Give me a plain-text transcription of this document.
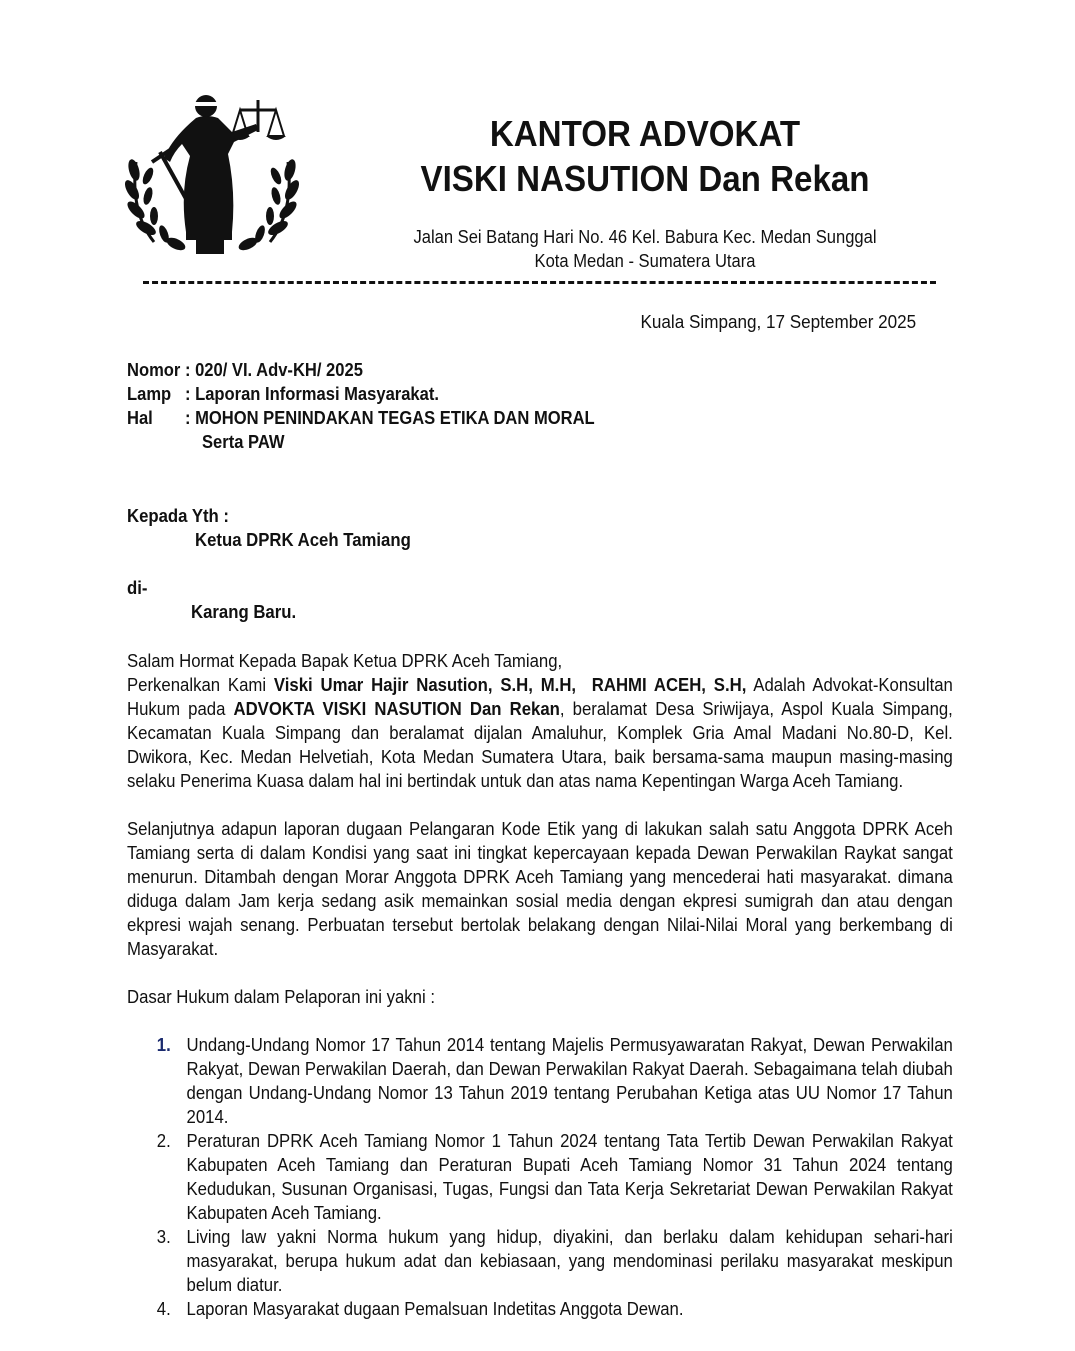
KANTOR ADVOKAT
VISKI NASUTION Dan Rekan
Jalan Sei Batang Hari No. 46 Kel. Babura Kec. Medan Sunggal
Kota Medan - Sumatera Utara
Kuala Simpang, 17 September 2025
Nomor : 020/ VI. Adv-KH/ 2025
Lamp : Laporan Informasi Masyarakat.
Hal : MOHON PENINDAKAN TEGAS ETIKA DAN MORAL
Serta PAW
Kepada Yth :
Ketua DPRK Aceh Tamiang
di-
Karang Baru.

Salam Hormat Kepada Bapak Ketua DPRK Aceh Tamiang,

Perkenalkan Kami Viski Umar Hajir Nasution, S.H, M.H, RAHMI ACEH, S.H, Adalah Advokat-Konsultan Hukum pada ADVOKTA VISKI NASUTION Dan Rekan, beralamat Desa Sriwijaya, Aspol Kuala Simpang, Kecamatan Kuala Simpang dan beralamat dijalan Amaluhur, Komplek Gria Amal Madani No.80-D, Kel. Dwikora, Kec. Medan Helvetiah, Kota Medan Sumatera Utara, baik bersama-sama maupun masing-masing selaku Penerima Kuasa dalam hal ini bertindak untuk dan atas nama Kepentingan Warga Aceh Tamiang.

Selanjutnya adapun laporan dugaan Pelangaran Kode Etik yang di lakukan salah satu Anggota DPRK Aceh Tamiang serta di dalam Kondisi yang saat ini tingkat kepercayaan kepada Dewan Perwakilan Raykat sangat menurun. Ditambah dengan Morar Anggota DPRK Aceh Tamiang yang mencederai hati masyarakat. dimana diduga dalam Jam kerja sedang asik memainkan sosial media dengan ekpresi sumigrah dan atau dengan ekpresi wajah senang. Perbuatan tersebut bertolak belakang dengan Nilai-Nilai Moral yang berkembang di Masyarakat.

Dasar Hukum dalam Pelaporan ini yakni :

1. Undang-Undang Nomor 17 Tahun 2014 tentang Majelis Permusyawaratan Rakyat, Dewan Perwakilan Rakyat, Dewan Perwakilan Daerah, dan Dewan Perwakilan Rakyat Daerah. Sebagaimana telah diubah dengan Undang-Undang Nomor 13 Tahun 2019 tentang Perubahan Ketiga atas UU Nomor 17 Tahun 2014.
2. Peraturan DPRK Aceh Tamiang Nomor 1 Tahun 2024 tentang Tata Tertib Dewan Perwakilan Rakyat Kabupaten Aceh Tamiang dan Peraturan Bupati Aceh Tamiang Nomor 31 Tahun 2024 tentang Kedudukan, Susunan Organisasi, Tugas, Fungsi dan Tata Kerja Sekretariat Dewan Perwakilan Rakyat Kabupaten Aceh Tamiang.
3. Living law yakni Norma hukum yang hidup, diyakini, dan berlaku dalam kehidupan sehari-hari masyarakat, berupa hukum adat dan kebiasaan, yang mendominasi perilaku masyarakat meskipun belum diatur.
4. Laporan Masyarakat dugaan Pemalsuan Indetitas Anggota Dewan.
